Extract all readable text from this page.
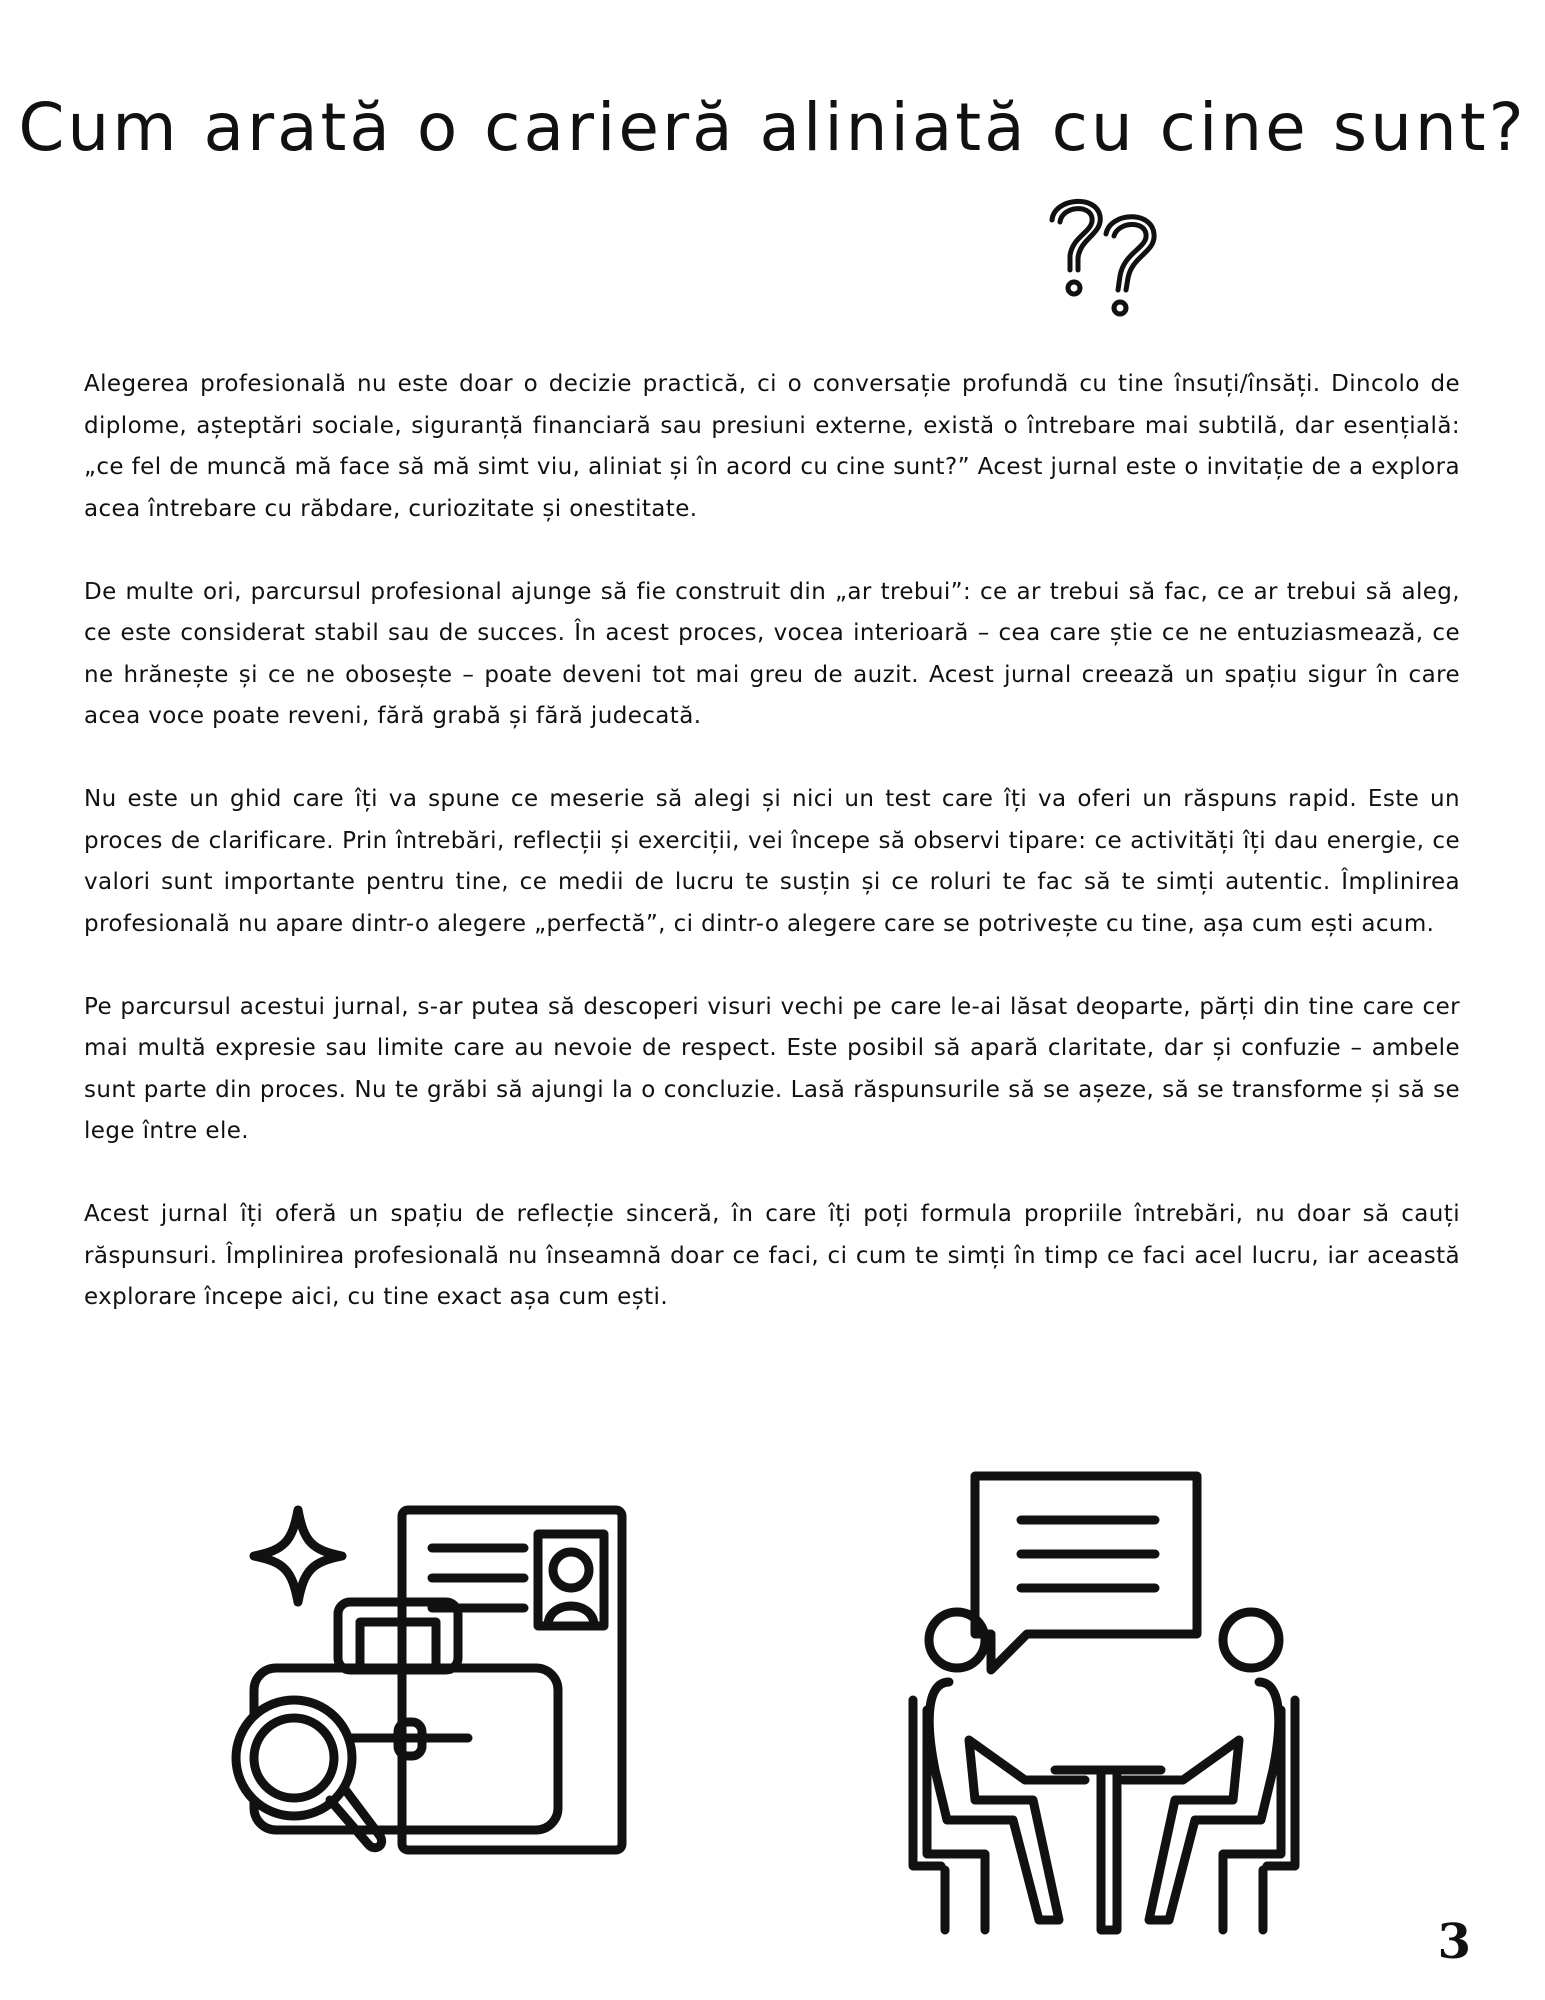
Cum arată o carieră aliniată cu cine sunt?

Alegerea profesională nu este doar o decizie practică, ci o conversație profundă cu tine însuți/însăți. Dincolo de diplome, așteptări sociale, siguranță financiară sau presiuni externe, există o întrebare mai subtilă, dar esențială: „ce fel de muncă mă face să mă simt viu, aliniat și în acord cu cine sunt?” Acest jurnal este o invitație de a explora acea întrebare cu răbdare, curiozitate și onestitate.

De multe ori, parcursul profesional ajunge să fie construit din „ar trebui”: ce ar trebui să fac, ce ar trebui să aleg, ce este considerat stabil sau de succes. În acest proces, vocea interioară – cea care știe ce ne entuziasmează, ce ne hrănește și ce ne obosește – poate deveni tot mai greu de auzit. Acest jurnal creează un spațiu sigur în care acea voce poate reveni, fără grabă și fără judecată.

Nu este un ghid care îți va spune ce meserie să alegi și nici un test care îți va oferi un răspuns rapid. Este un proces de clarificare. Prin întrebări, reflecții și exerciții, vei începe să observi tipare: ce activități îți dau energie, ce valori sunt importante pentru tine, ce medii de lucru te susțin și ce roluri te fac să te simți autentic. Împlinirea profesională nu apare dintr-o alegere „perfectă”, ci dintr-o alegere care se potrivește cu tine, așa cum ești acum.

Pe parcursul acestui jurnal, s-ar putea să descoperi visuri vechi pe care le-ai lăsat deoparte, părți din tine care cer mai multă expresie sau limite care au nevoie de respect. Este posibil să apară claritate, dar și confuzie – ambele sunt parte din proces. Nu te grăbi să ajungi la o concluzie. Lasă răspunsurile să se așeze, să se transforme și să se lege între ele.

Acest jurnal îți oferă un spațiu de reflecție sinceră, în care îți poți formula propriile întrebări, nu doar să cauți răspunsuri. Împlinirea profesională nu înseamnă doar ce faci, ci cum te simți în timp ce faci acel lucru, iar această explorare începe aici, cu tine exact așa cum ești.

3
